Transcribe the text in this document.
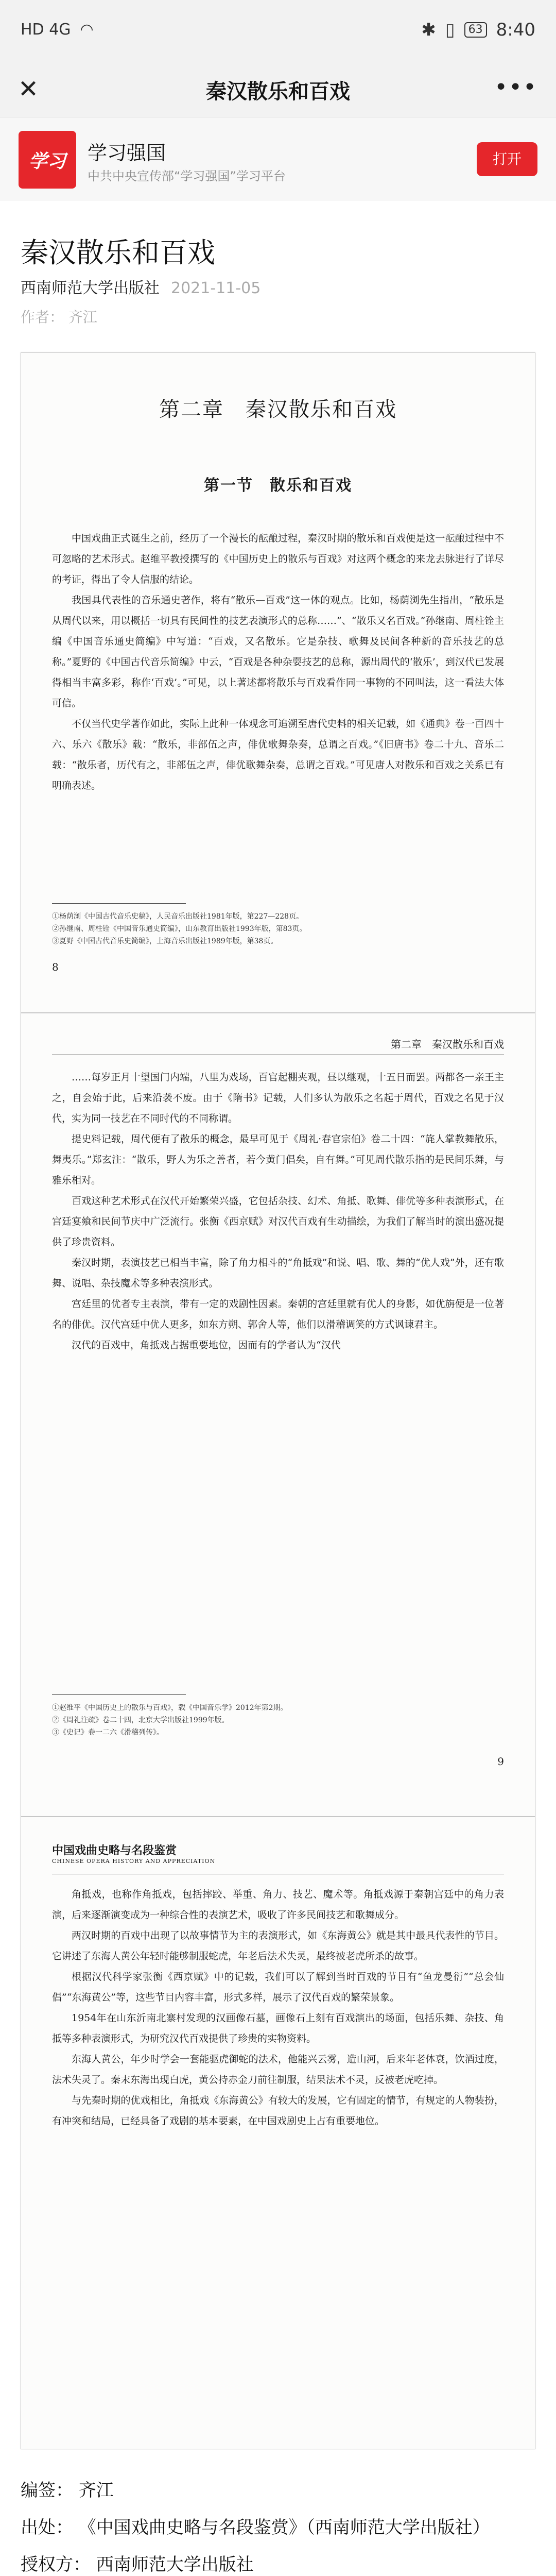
HD 4G ◠	✱ ▯	63 8:40
✕	秦汉散乐和百戏	•••
学习	学习强国
中共中央宣传部“学习强国”学习平台
打开
秦汉散乐和百戏
西南师范大学出版社 2021-11-05
作者： 齐江
第二章　秦汉散乐和百戏
第一节　散乐和百戏

中国戏曲正式诞生之前，经历了一个漫长的酝酿过程，秦汉时期的散乐和百戏便是这一酝酿过程中不可忽略的艺术形式。赵维平教授撰写的《中国历史上的散乐与百戏》对这两个概念的来龙去脉进行了详尽的考证，得出了令人信服的结论。

我国具代表性的音乐通史著作，将有“散乐—百戏”这一体的观点。比如，杨荫浏先生指出，“散乐是从周代以来，用以概括一切具有民间性的技艺表演形式的总称……”、“散乐又名百戏。”孙继南、周柱铨主编《中国音乐通史简编》中写道：“百戏，又名散乐。它是杂技、歌舞及民间各种新的音乐技艺的总称。”夏野的《中国古代音乐简编》中云，“百戏是各种杂耍技艺的总称，源出周代的‘散乐’，到汉代已发展得相当丰富多彩，称作‘百戏’。”可见，以上著述都将散乐与百戏看作同一事物的不同叫法，这一看法大体可信。

不仅当代史学著作如此，实际上此种一体观念可追溯至唐代史料的相关记载，如《通典》卷一百四十六、乐六《散乐》载：“散乐，非部伍之声，俳优歌舞杂奏，总谓之百戏。”《旧唐书》卷二十九、音乐二载：“散乐者，历代有之，非部伍之声，俳优歌舞杂奏，总谓之百戏。”可见唐人对散乐和百戏之关系已有明确表述。

①杨荫浏《中国古代音乐史稿》，人民音乐出版社1981年版，第227—228页。
②孙继南、周柱铨《中国音乐通史简编》，山东教育出版社1993年版，第83页。
③夏野《中国古代音乐史简编》，上海音乐出版社1989年版，第38页。
8
第二章　秦汉散乐和百戏

……每岁正月十望国门内端，八里为戏场，百官起棚夹观，昼以继观，十五日而罢。两都各一亲王主之，自会始于此，后来沿袭不废。由于《隋书》记载，人们多认为散乐之名起于周代，百戏之名见于汉代，实为同一技艺在不同时代的不同称谓。

提史料记载，周代便有了散乐的概念，最早可见于《周礼·春官宗伯》卷二十四：“旄人掌教舞散乐，舞夷乐。”郑玄注：“散乐，野人为乐之善者，若今黄门倡矣，自有舞。”可见周代散乐指的是民间乐舞，与雅乐相对。

百戏这种艺术形式在汉代开始繁荣兴盛，它包括杂技、幻术、角抵、歌舞、俳优等多种表演形式，在宫廷宴飨和民间节庆中广泛流行。张衡《西京赋》对汉代百戏有生动描绘，为我们了解当时的演出盛况提供了珍贵资料。

秦汉时期，表演技艺已相当丰富，除了角力相斗的“角抵戏”和说、唱、歌、舞的“优人戏”外，还有歌舞、说唱、杂技魔术等多种表演形式。

宫廷里的优者专主表演，带有一定的戏剧性因素。秦朝的宫廷里就有优人的身影，如优旃便是一位著名的俳优。汉代宫廷中优人更多，如东方朔、郭舍人等，他们以滑稽调笑的方式讽谏君主。

汉代的百戏中，角抵戏占据重要地位，因而有的学者认为“汉代

①赵维平《中国历史上的散乐与百戏》，载《中国音乐学》2012年第2期。
②《周礼注疏》卷二十四，北京大学出版社1999年版。
③《史记》卷一二六《滑稽列传》。
9
中国戏曲史略与名段鉴赏
CHINESE OPERA HISTORY AND APPRECIATION

角抵戏，也称作角抵戏，包括摔跤、举重、角力、技艺、魔术等。角抵戏源于秦朝宫廷中的角力表演，后来逐渐演变成为一种综合性的表演艺术，吸收了许多民间技艺和歌舞成分。

两汉时期的百戏中出现了以故事情节为主的表演形式，如《东海黄公》就是其中最具代表性的节目。它讲述了东海人黄公年轻时能够制服蛇虎，年老后法术失灵，最终被老虎所杀的故事。

根据汉代科学家张衡《西京赋》中的记载，我们可以了解到当时百戏的节目有“鱼龙曼衍”“总会仙倡”“东海黄公”等，这些节目内容丰富，形式多样，展示了汉代百戏的繁荣景象。

1954年在山东沂南北寨村发现的汉画像石墓，画像石上刻有百戏演出的场面，包括乐舞、杂技、角抵等多种表演形式，为研究汉代百戏提供了珍贵的实物资料。

东海人黄公，年少时学会一套能驱虎御蛇的法术，他能兴云雾，造山河，后来年老体衰，饮酒过度，法术失灵了。秦末东海出现白虎，黄公持赤金刀前往制服，结果法术不灵，反被老虎吃掉。

与先秦时期的优戏相比，角抵戏《东海黄公》有较大的发展，它有固定的情节，有规定的人物装扮，有冲突和结局，已经具备了戏剧的基本要素，在中国戏剧史上占有重要地位。

编签： 齐江
出处： 《中国戏曲史略与名段鉴赏》（西南师范大学出版社）
授权方： 西南师范大学出版社
